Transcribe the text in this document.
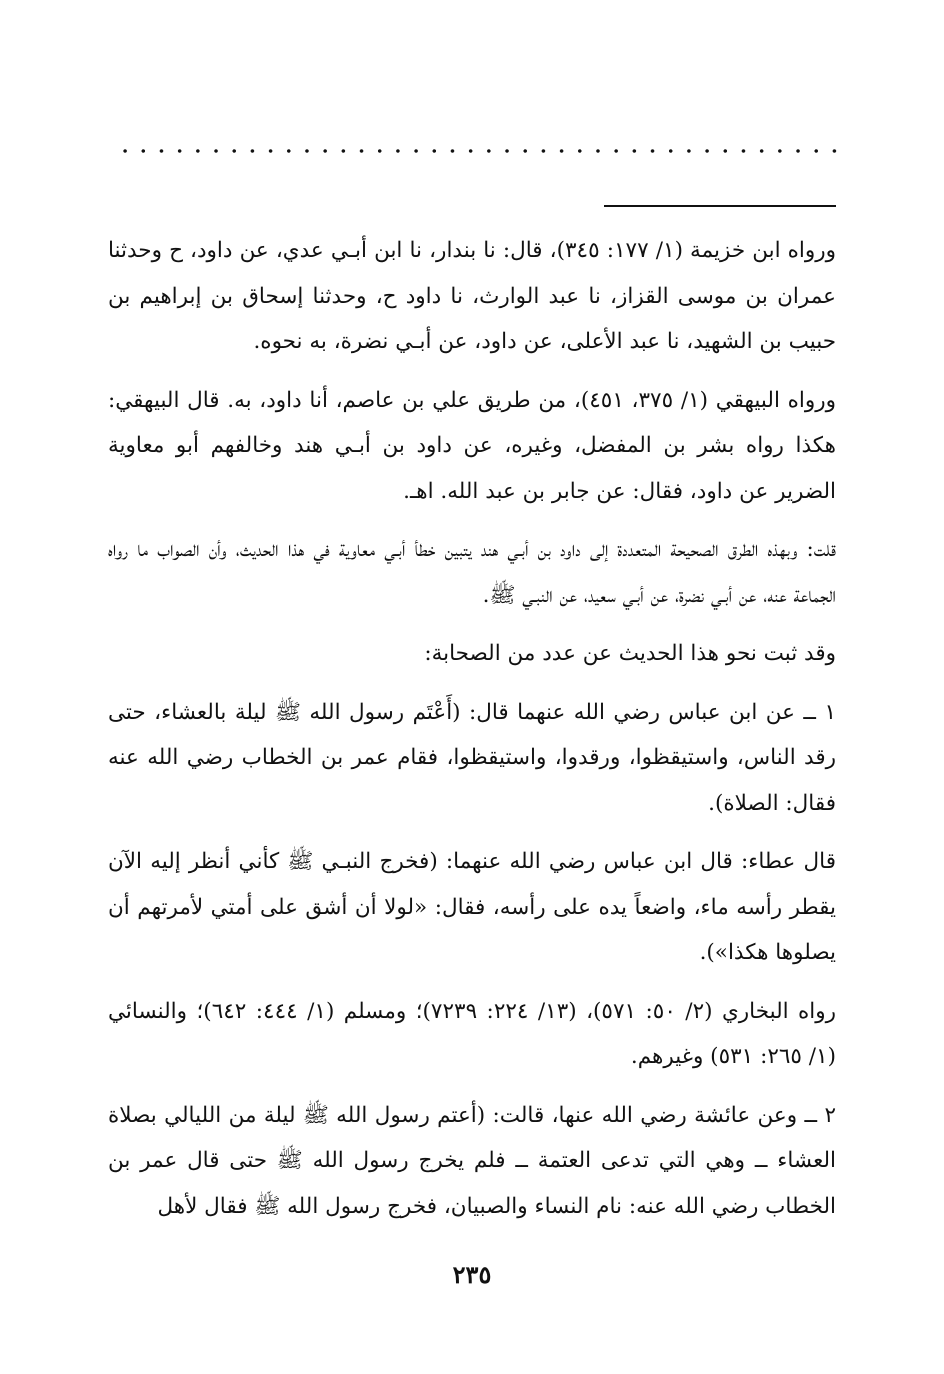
ورواه ابن خزيمة (١/ ١٧٧: ٣٤٥)، قال: نا بندار، نا ابن أبـي عدي، عن داود، ح وحدثنا عمران بن موسى القزاز، نا عبد الوارث، نا داود ح، وحدثنا إسحاق بن إبراهيم بن حبيب بن الشهيد، نا عبد الأعلى، عن داود، عن أبـي نضرة، به نحوه.

ورواه البيهقي (١/ ٣٧٥، ٤٥١)، من طريق علي بن عاصم، أنا داود، به. قال البيهقي: هكذا رواه بشر بن المفضل، وغيره، عن داود بن أبـي هند وخالفهم أبو معاوية الضرير عن داود، فقال: عن جابر بن عبد الله. اهـ.

قلت: وبهذه الطرق الصحيحة المتعددة إلى داود بن أبـي هند يتبين خطأ أبـي معاوية في هذا الحديث، وأن الصواب ما رواه الجماعة عنه، عن أبـي نضرة، عن أبـي سعيد، عن النبـي ﷺ.

وقد ثبت نحو هذا الحديث عن عدد من الصحابة:

١ ــ عن ابن عباس رضي الله عنهما قال: (أَعْتَم رسول الله ﷺ ليلة بالعشاء، حتى رقد الناس، واستيقظوا، ورقدوا، واستيقظوا، فقام عمر بن الخطاب رضي الله عنه فقال: الصلاة).

قال عطاء: قال ابن عباس رضي الله عنهما: (فخرج النبـي ﷺ كأني أنظر إليه الآن يقطر رأسه ماء، واضعاً يده على رأسه، فقال: «لولا أن أشق على أمتي لأمرتهم أن يصلوها هكذا»).

رواه البخاري (٢/ ٥٠: ٥٧١)، (١٣/ ٢٢٤: ٧٢٣٩)؛ ومسلم (١/ ٤٤٤: ٦٤٢)؛ والنسائي (١/ ٢٦٥: ٥٣١) وغيرهم.

٢ ــ وعن عائشة رضي الله عنها، قالت: (أعتم رسول الله ﷺ ليلة من الليالي بصلاة العشاء ــ وهي التي تدعى العتمة ــ فلم يخرج رسول الله ﷺ حتى قال عمر بن الخطاب رضي الله عنه: نام النساء والصبيان، فخرج رسول الله ﷺ فقال لأهل

٢٣٥
